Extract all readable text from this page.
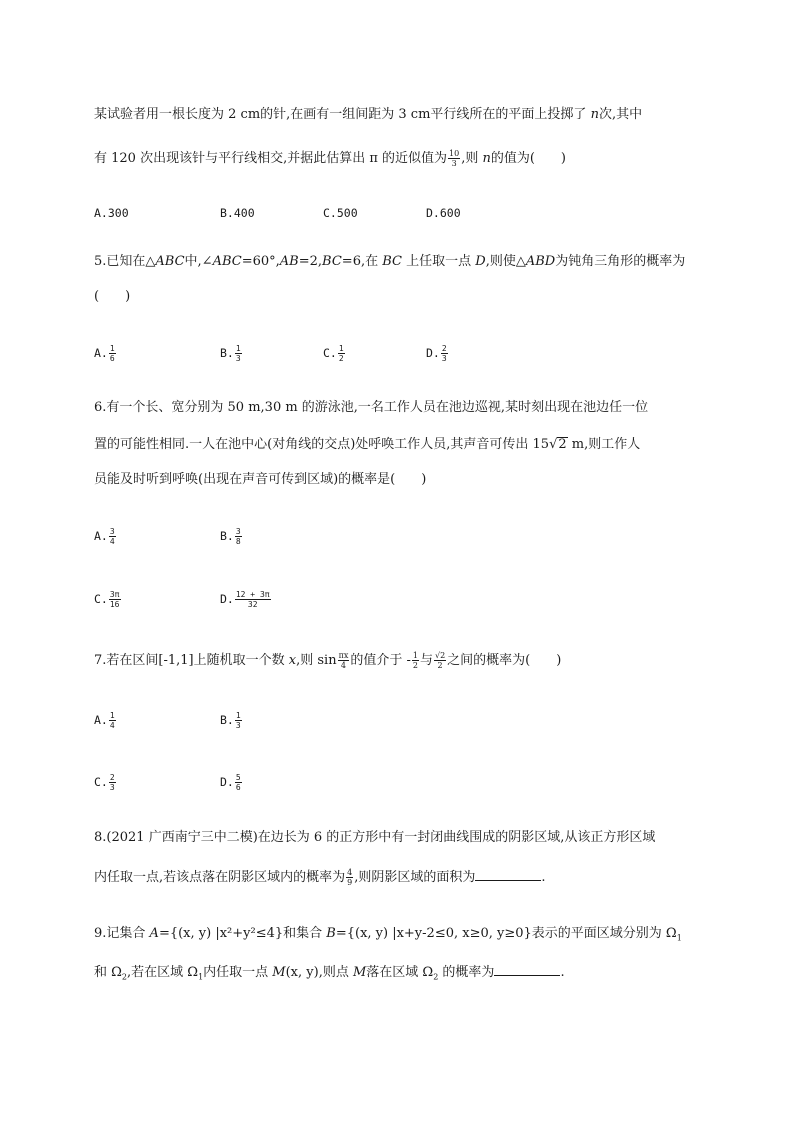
某试验者用一根长度为 2 cm的针,在画有一组间距为 3 cm平行线所在的平面上投掷了 n次,其中
有 120 次出现该针与平行线相交,并据此估算出 π 的近似值为 $\frac{10}{3}$ ,则 n的值为(　　)
A.300	B.400	C.500	D.600
5.已知在△ABC中,∠ABC=60°,AB=2,BC=6,在 BC 上任取一点 D,则使△ABD为钝角三角形的概率为
(　　)
A. $\frac{1}{6}$	B. $\frac{1}{3}$	C. $\frac{1}{2}$	D. $\frac{2}{3}$
6.有一个长、宽分别为 50 m,30 m 的游泳池,一名工作人员在池边巡视,某时刻出现在池边任一位
置的可能性相同.一人在池中心(对角线的交点)处呼唤工作人员,其声音可传出 15√2 m,则工作人
员能及时听到呼唤(出现在声音可传到区域)的概率是(　　)
A. $\frac{3}{4}$	B. $\frac{3}{8}$
C. $\frac{3\pi}{16}$	D. $\frac{12 + 3\pi}{32}$
7.若在区间[-1,1]上随机取一个数 x,则 $\sin \frac{\pi x}{4}$ 的值介于 - $\frac{1}{2}$ 与 $\frac{√2}{2}$ 之间的概率为(　　)
A. $\frac{1}{4}$	B. $\frac{1}{3}$
C. $\frac{2}{3}$	D. $\frac{5}{6}$
8.(2021 广西南宁三中二模)在边长为 6 的正方形中有一封闭曲线围成的阴影区域,从该正方形区域
内任取一点,若该点落在阴影区域内的概率为 $\frac{4}{9}$ ,则阴影区域的面积为	.
9.记集合 A={(x, y) |x²+y²≤4}和集合 B={(x, y) |x+y-2≤0, x≥0, y≥0}表示的平面区域分别为 $\Omega_1$
和 $\Omega_2$,若在区域 $\Omega_1$内任取一点 M(x, y),则点 M落在区域 $\Omega_2$ 的概率为	.
